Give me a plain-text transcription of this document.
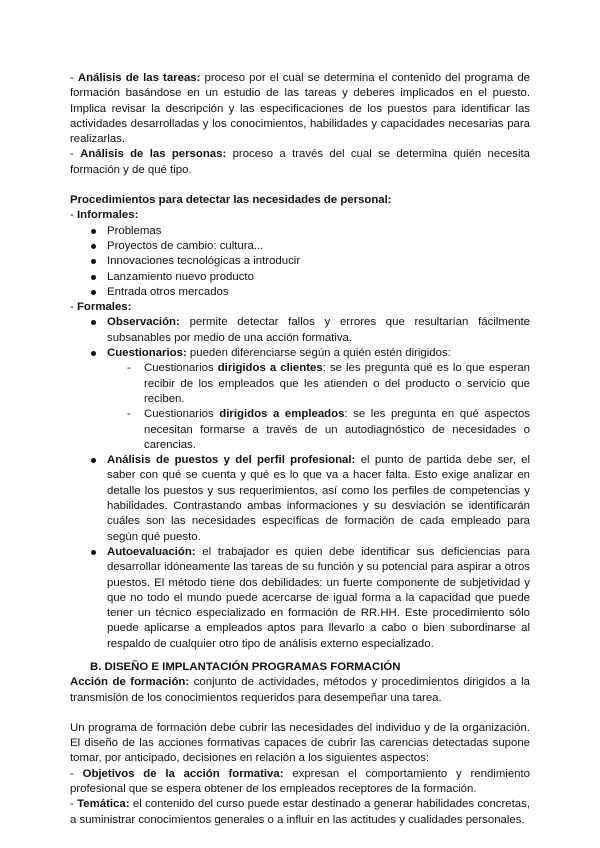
- Análisis de las tareas: proceso por el cual se determina el contenido del programa de formación basándose en un estudio de las tareas y deberes implicados en el puesto. Implica revisar la descripción y las especificaciones de los puestos para identificar las actividades desarrolladas y los conocimientos, habilidades y capacidades necesarias para realizarlas.

- Análisis de las personas: proceso a través del cual se determina quién necesita formación y de qué tipo.

Procedimientos para detectar las necesidades de personal:

- Informales:

Problemas
Proyectos de cambio: cultura...
Innovaciones tecnológicas a introducir
Lanzamiento nuevo producto
Entrada otros mercados

- Formales:

Observación: permite detectar fallos y errores que resultarían fácilmente subsanables por medio de una acción formativa.
Cuestionarios: pueden diferenciarse según a quién estén dirigidos:
- Cuestionarios dirigidos a clientes: se les pregunta qué es lo que esperan recibir de los empleados que les atienden o del producto o servicio que reciben.
- Cuestionarios dirigidos a empleados: se les pregunta en qué aspectos necesitan formarse a través de un autodiagnóstico de necesidades o carencias.
Análisis de puestos y del perfil profesional: el punto de partida debe ser, el saber con qué se cuenta y qué es lo que va a hacer falta. Esto exige analizar en detalle los puestos y sus requerimientos, así como los perfiles de competencias y habilidades. Contrastando ambas informaciones y su desviación se identificarán cuáles son las necesidades específicas de formación de cada empleado para según qué puesto.
Autoevaluación: el trabajador es quien debe identificar sus deficiencias para desarrollar idóneamente las tareas de su función y su potencial para aspirar a otros puestos. El método tiene dos debilidades: un fuerte componente de subjetividad y que no todo el mundo puede acercarse de igual forma a la capacidad que puede tener un técnico especializado en formación de RR.HH. Este procedimiento sólo puede aplicarse a empleados aptos para llevarlo a cabo o bien subordinarse al respaldo de cualquier otro tipo de análisis externo especializado.

B. DISEÑO E IMPLANTACIÓN PROGRAMAS FORMACIÓN

Acción de formación: conjunto de actividades, métodos y procedimientos dirigidos a la transmisión de los conocimientos requeridos para desempeñar una tarea.

Un programa de formación debe cubrir las necesidades del individuo y de la organización. El diseño de las acciones formativas capaces de cubrir las carencias detectadas supone tomar, por anticipado, decisiones en relación a los siguientes aspectos:

- Objetivos de la acción formativa: expresan el comportamiento y rendimiento profesional que se espera obtener de los empleados receptores de la formación.

- Temática: el contenido del curso puede estar destinado a generar habilidades concretas, a suministrar conocimientos generales o a influir en las actitudes y cualidades personales.
